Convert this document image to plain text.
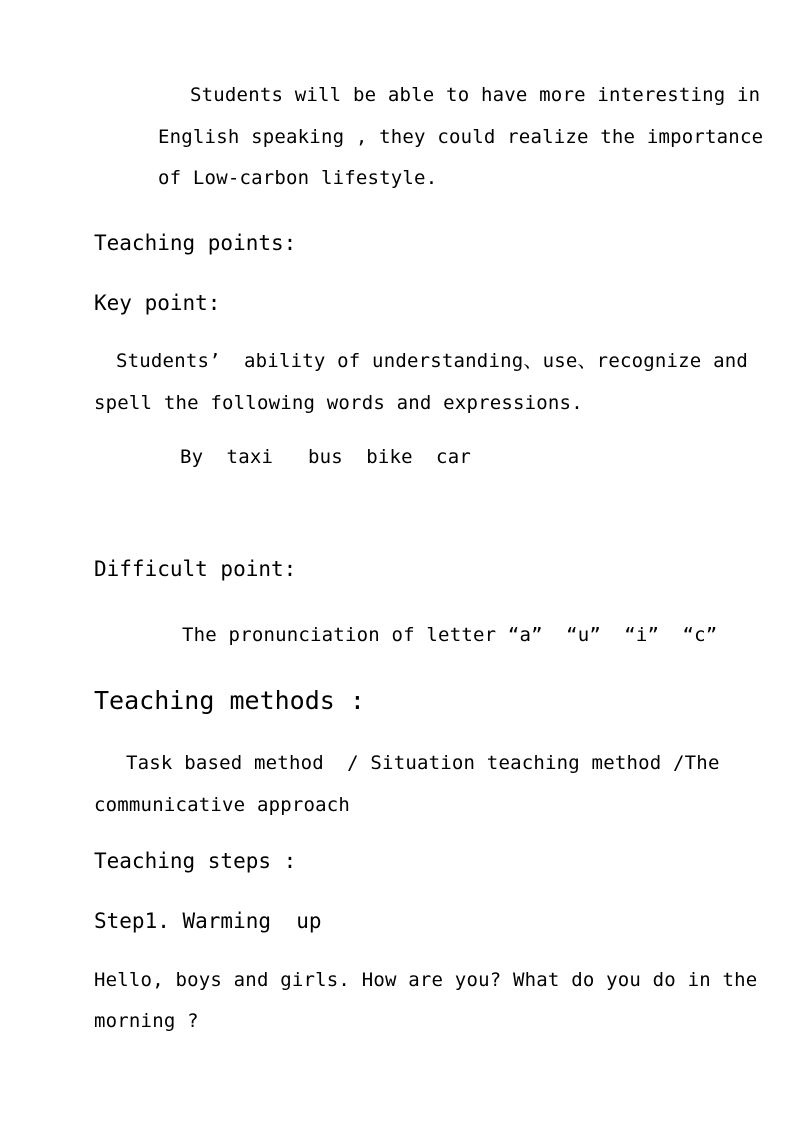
Students will be able to have more interesting in
English speaking , they could realize the importance
of Low-carbon lifestyle.
Teaching points:
Key point:
Students’  ability of understanding、use、recognize and
spell the following words and expressions.
By  taxi   bus  bike  car
Difficult point:
The pronunciation of letter “a”  “u”  “i”  “c”
Teaching methods :
Task based method  / Situation teaching method /The
communicative approach
Teaching steps :
Step1. Warming  up
Hello, boys and girls. How are you? What do you do in the
morning ?
